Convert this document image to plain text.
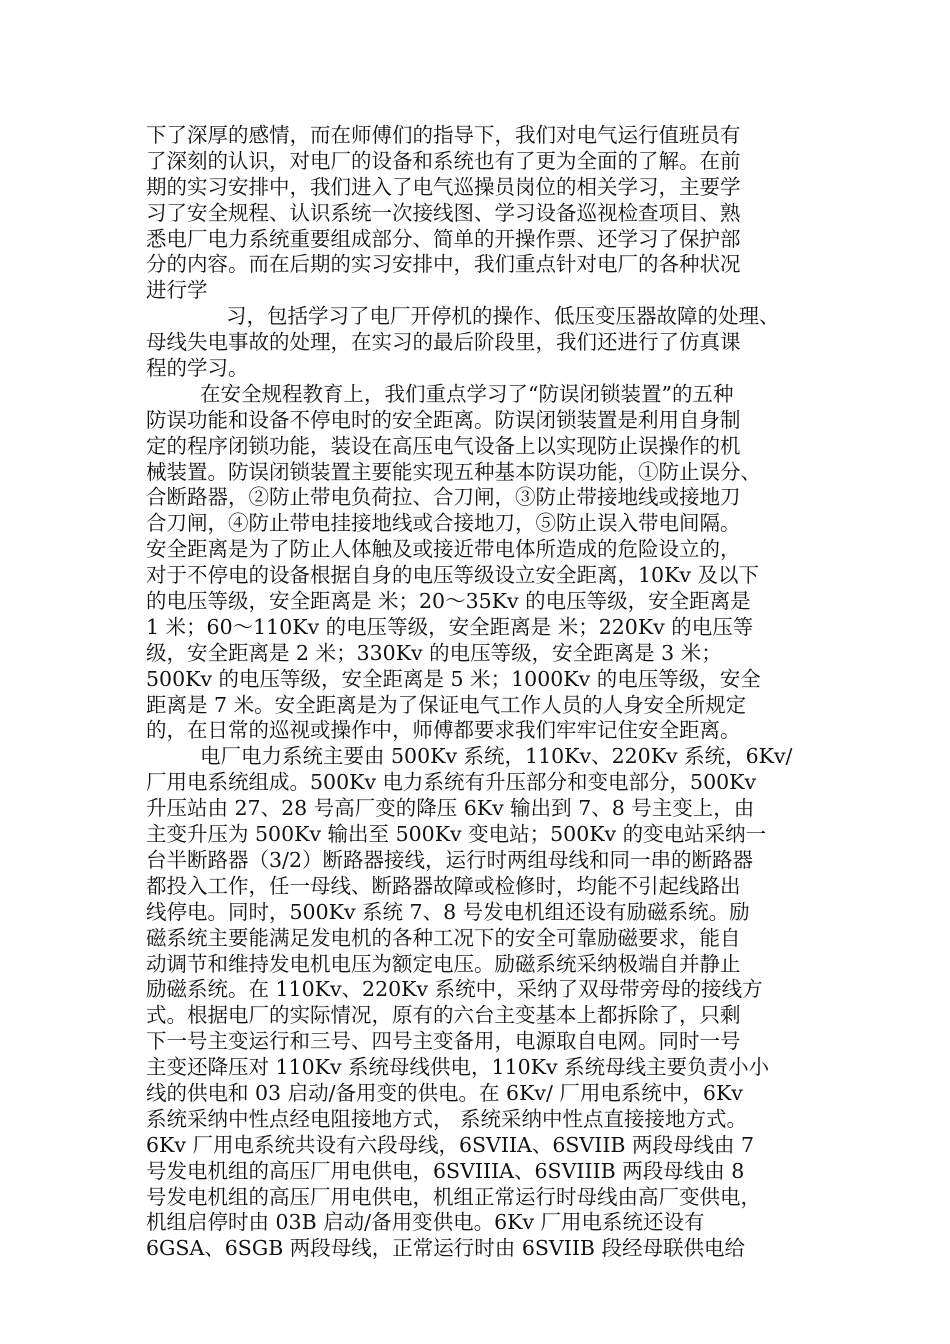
下了深厚的感情，而在师傅们的指导下，我们对电气运行值班员有
了深刻的认识，对电厂的设备和系统也有了更为全面的了解。在前
期的实习安排中，我们进入了电气巡操员岗位的相关学习，主要学
习了安全规程、认识系统一次接线图、学习设备巡视检查项目、熟
悉电厂电力系统重要组成部分、简单的开操作票、还学习了保护部
分的内容。而在后期的实习安排中，我们重点针对电厂的各种状况
进行学
习，包括学习了电厂开停机的操作、低压变压器故障的处理、
母线失电事故的处理，在实习的最后阶段里，我们还进行了仿真课
程的学习。
在安全规程教育上，我们重点学习了“防误闭锁装置”的五种
防误功能和设备不停电时的安全距离。防误闭锁装置是利用自身制
定的程序闭锁功能，装设在高压电气设备上以实现防止误操作的机
械装置。防误闭锁装置主要能实现五种基本防误功能，①防止误分、
合断路器，②防止带电负荷拉、合刀闸，③防止带接地线或接地刀
合刀闸，④防止带电挂接地线或合接地刀，⑤防止误入带电间隔。
安全距离是为了防止人体触及或接近带电体所造成的危险设立的，
对于不停电的设备根据自身的电压等级设立安全距离，10Kv 及以下
的电压等级，安全距离是 米；20～35Kv 的电压等级，安全距离是
1 米；60～110Kv 的电压等级，安全距离是 米；220Kv 的电压等
级，安全距离是 2 米；330Kv 的电压等级，安全距离是 3 米；
500Kv 的电压等级，安全距离是 5 米；1000Kv 的电压等级，安全
距离是 7 米。安全距离是为了保证电气工作人员的人身安全所规定
的，在日常的巡视或操作中，师傅都要求我们牢牢记住安全距离。
电厂电力系统主要由 500Kv 系统，110Kv、220Kv 系统，6Kv/
厂用电系统组成。500Kv 电力系统有升压部分和变电部分，500Kv
升压站由 27、28 号高厂变的降压 6Kv 输出到 7、8 号主变上，由
主变升压为 500Kv 输出至 500Kv 变电站；500Kv 的变电站采纳一
台半断路器（3/2）断路器接线，运行时两组母线和同一串的断路器
都投入工作，任一母线、断路器故障或检修时，均能不引起线路出
线停电。同时，500Kv 系统 7、8 号发电机组还设有励磁系统。励
磁系统主要能满足发电机的各种工况下的安全可靠励磁要求，能自
动调节和维持发电机电压为额定电压。励磁系统采纳极端自并静止
励磁系统。在 110Kv、220Kv 系统中，采纳了双母带旁母的接线方
式。根据电厂的实际情况，原有的六台主变基本上都拆除了，只剩
下一号主变运行和三号、四号主变备用，电源取自电网。同时一号
主变还降压对 110Kv 系统母线供电，110Kv 系统母线主要负责小小
线的供电和 03 启动/备用变的供电。在 6Kv/ 厂用电系统中，6Kv
系统采纳中性点经电阻接地方式， 系统采纳中性点直接接地方式。
6Kv 厂用电系统共设有六段母线，6SVIIA、6SVIIB 两段母线由 7
号发电机组的高压厂用电供电，6SVIIIA、6SVIIIB 两段母线由 8
号发电机组的高压厂用电供电，机组正常运行时母线由高厂变供电，
机组启停时由 03B 启动/备用变供电。6Kv 厂用电系统还设有
6GSA、6SGB 两段母线，正常运行时由 6SVIIB 段经母联供电给
